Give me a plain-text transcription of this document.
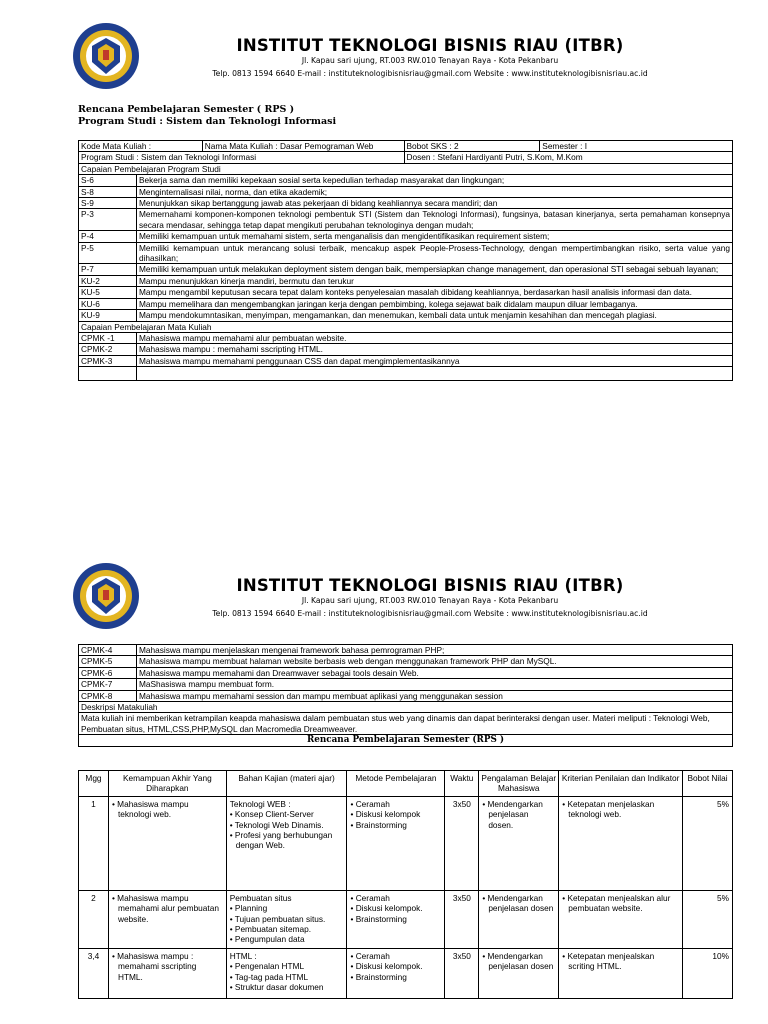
INSTITUT TEKNOLOGI BISNIS RIAU (ITBR)
Jl. Kapau sari ujung, RT.003 RW.010 Tenayan Raya - Kota Pekanbaru
Telp. 0813 1594 6640 E-mail : instituteknologibisnisriau@gmail.com Website : www.instituteknologibisnisriau.ac.id
Rencana Pembelajaran Semester ( RPS )
Program Studi : Sistem dan Teknologi Informasi
Kode Mata Kuliah :		Nama Mata Kuliah : Dasar Pemograman Web	Bobot SKS : 2	Semester : I
Program Studi : Sistem dan Teknologi Informasi			Dosen : Stefani Hardiyanti Putri, S.Kom, M.Kom	
Capaian Pembelajaran Program Studi				
S-6	Bekerja sama dan memiliki kepekaan sosial serta kepedulian terhadap masyarakat dan lingkungan;			
S-8	Menginternalisasi nilai, norma, dan etika akademik;			
S-9	Menunjukkan sikap bertanggung jawab atas pekerjaan di bidang keahliannya secara mandiri; dan			
P-3	Memernahami komponen-komponen teknologi pembentuk STI (Sistem dan Teknologi Informasi), fungsinya, batasan kinerjanya, serta pemahaman konsepnya secara mendasar, sehingga tetap dapat mengikuti perubahan teknologinya dengan mudah;			
P-4	Memiliki kemampuan untuk memahami sistem, serta menganalisis dan mengidentifikasikan requirement sistem;			
P-5	Memiliki kemampuan untuk merancang solusi terbaik, mencakup aspek People-Prosess-Technology, dengan mempertimbangkan risiko, serta value yang dihasilkan;			
P-7	Memiliki kemampuan untuk melakukan deployment sistem dengan baik, mempersiapkan change management, dan operasional STI sebagai sebuah layanan;			
KU-2	Mampu menunjukkan kinerja mandiri, bermutu dan terukur			
KU-5	Mampu mengambil keputusan secara tepat dalam konteks penyelesaian masalah dibidang keahliannya, berdasarkan hasil analisis informasi dan data.			
KU-6	Mampu memelihara dan mengembangkan jaringan kerja dengan pembimbing, kolega sejawat baik didalam maupun diluar lembaganya.			
KU-9	Mampu mendokumntasikan, menyimpan, mengamankan, dan menemukan, kembali data untuk menjamin kesahihan dan mencegah plagiasi.			
Capaian Pembelajaran Mata Kuliah				
CPMK -1	Mahasiswa mampu memahami alur pembuatan website.			
CPMK-2	Mahasiswa mampu : memahami sscripting HTML.			
CPMK-3	Mahasiswa mampu memahami penggunaan CSS dan dapat mengimplementasikannya			

INSTITUT TEKNOLOGI BISNIS RIAU (ITBR)
Jl. Kapau sari ujung, RT.003 RW.010 Tenayan Raya - Kota Pekanbaru
Telp. 0813 1594 6640 E-mail : instituteknologibisnisriau@gmail.com Website : www.instituteknologibisnisriau.ac.id
CPMK-4	Mahasiswa mampu menjelaskan mengenai framework bahasa pemrograman PHP;
CPMK-5	Mahasiswa mampu membuat halaman website berbasis web dengan menggunakan framework PHP dan MySQL.
CPMK-6	Mahasiswa mampu memahami dan Dreamwaver sebagai tools desain Web.
CPMK-7	MaShasiswa mampu membuat form.
CPMK-8	Mahasiswa mampu memahami session dan mampu membuat aplikasi yang menggunakan session
Deskripsi Matakuliah	
Mata kuliah ini memberikan ketrampilan keapda mahasiswa dalam pembuatan stus web yang dinamis dan dapat berinteraksi dengan user. Materi meliputi : Teknologi Web, Pembuatan situs, HTML,CSS,PHP,MySQL dan Macromedia Dreamweaver.	
Rencana Pembelajaran Semester (RPS )	
Mgg	Kemampuan Akhir Yang Diharapkan	Bahan Kajian (materi ajar)	Metode Pembelajaran	Waktu	Pengalaman Belajar Mahasiswa	Kriterian Penilaian dan Indikator	Bobot Nilai
1	• Mahasiswa mampu teknologi web.	Teknologi WEB :
• Konsep Client-Server
• Teknologi Web Dinamis.
• Profesi yang berhubungan dengan Web.	• Ceramah
• Diskusi kelompok
• Brainstorming	3x50	• Mendengarkan penjelasan dosen.	• Ketepatan menjelaskan teknologi web.	5%
2	• Mahasiswa mampu memahami alur pembuatan website.	Pembuatan situs
• Planning
• Tujuan pembuatan situs.
• Pembuatan sitemap.
• Pengumpulan data	• Ceramah
• Diskusi kelompok.
• Brainstorming	3x50	• Mendengarkan penjelasan dosen	• Ketepatan menjealskan alur pembuatan website.	5%
3,4	• Mahasiswa mampu : memahami sscripting HTML.	HTML :
• Pengenalan HTML
• Tag-tag pada HTML
• Struktur dasar dokumen	• Ceramah
• Diskusi kelompok.
• Brainstorming	3x50	• Mendengarkan penjelasan dosen	• Ketepatan menjealskan scriting HTML.	10%
